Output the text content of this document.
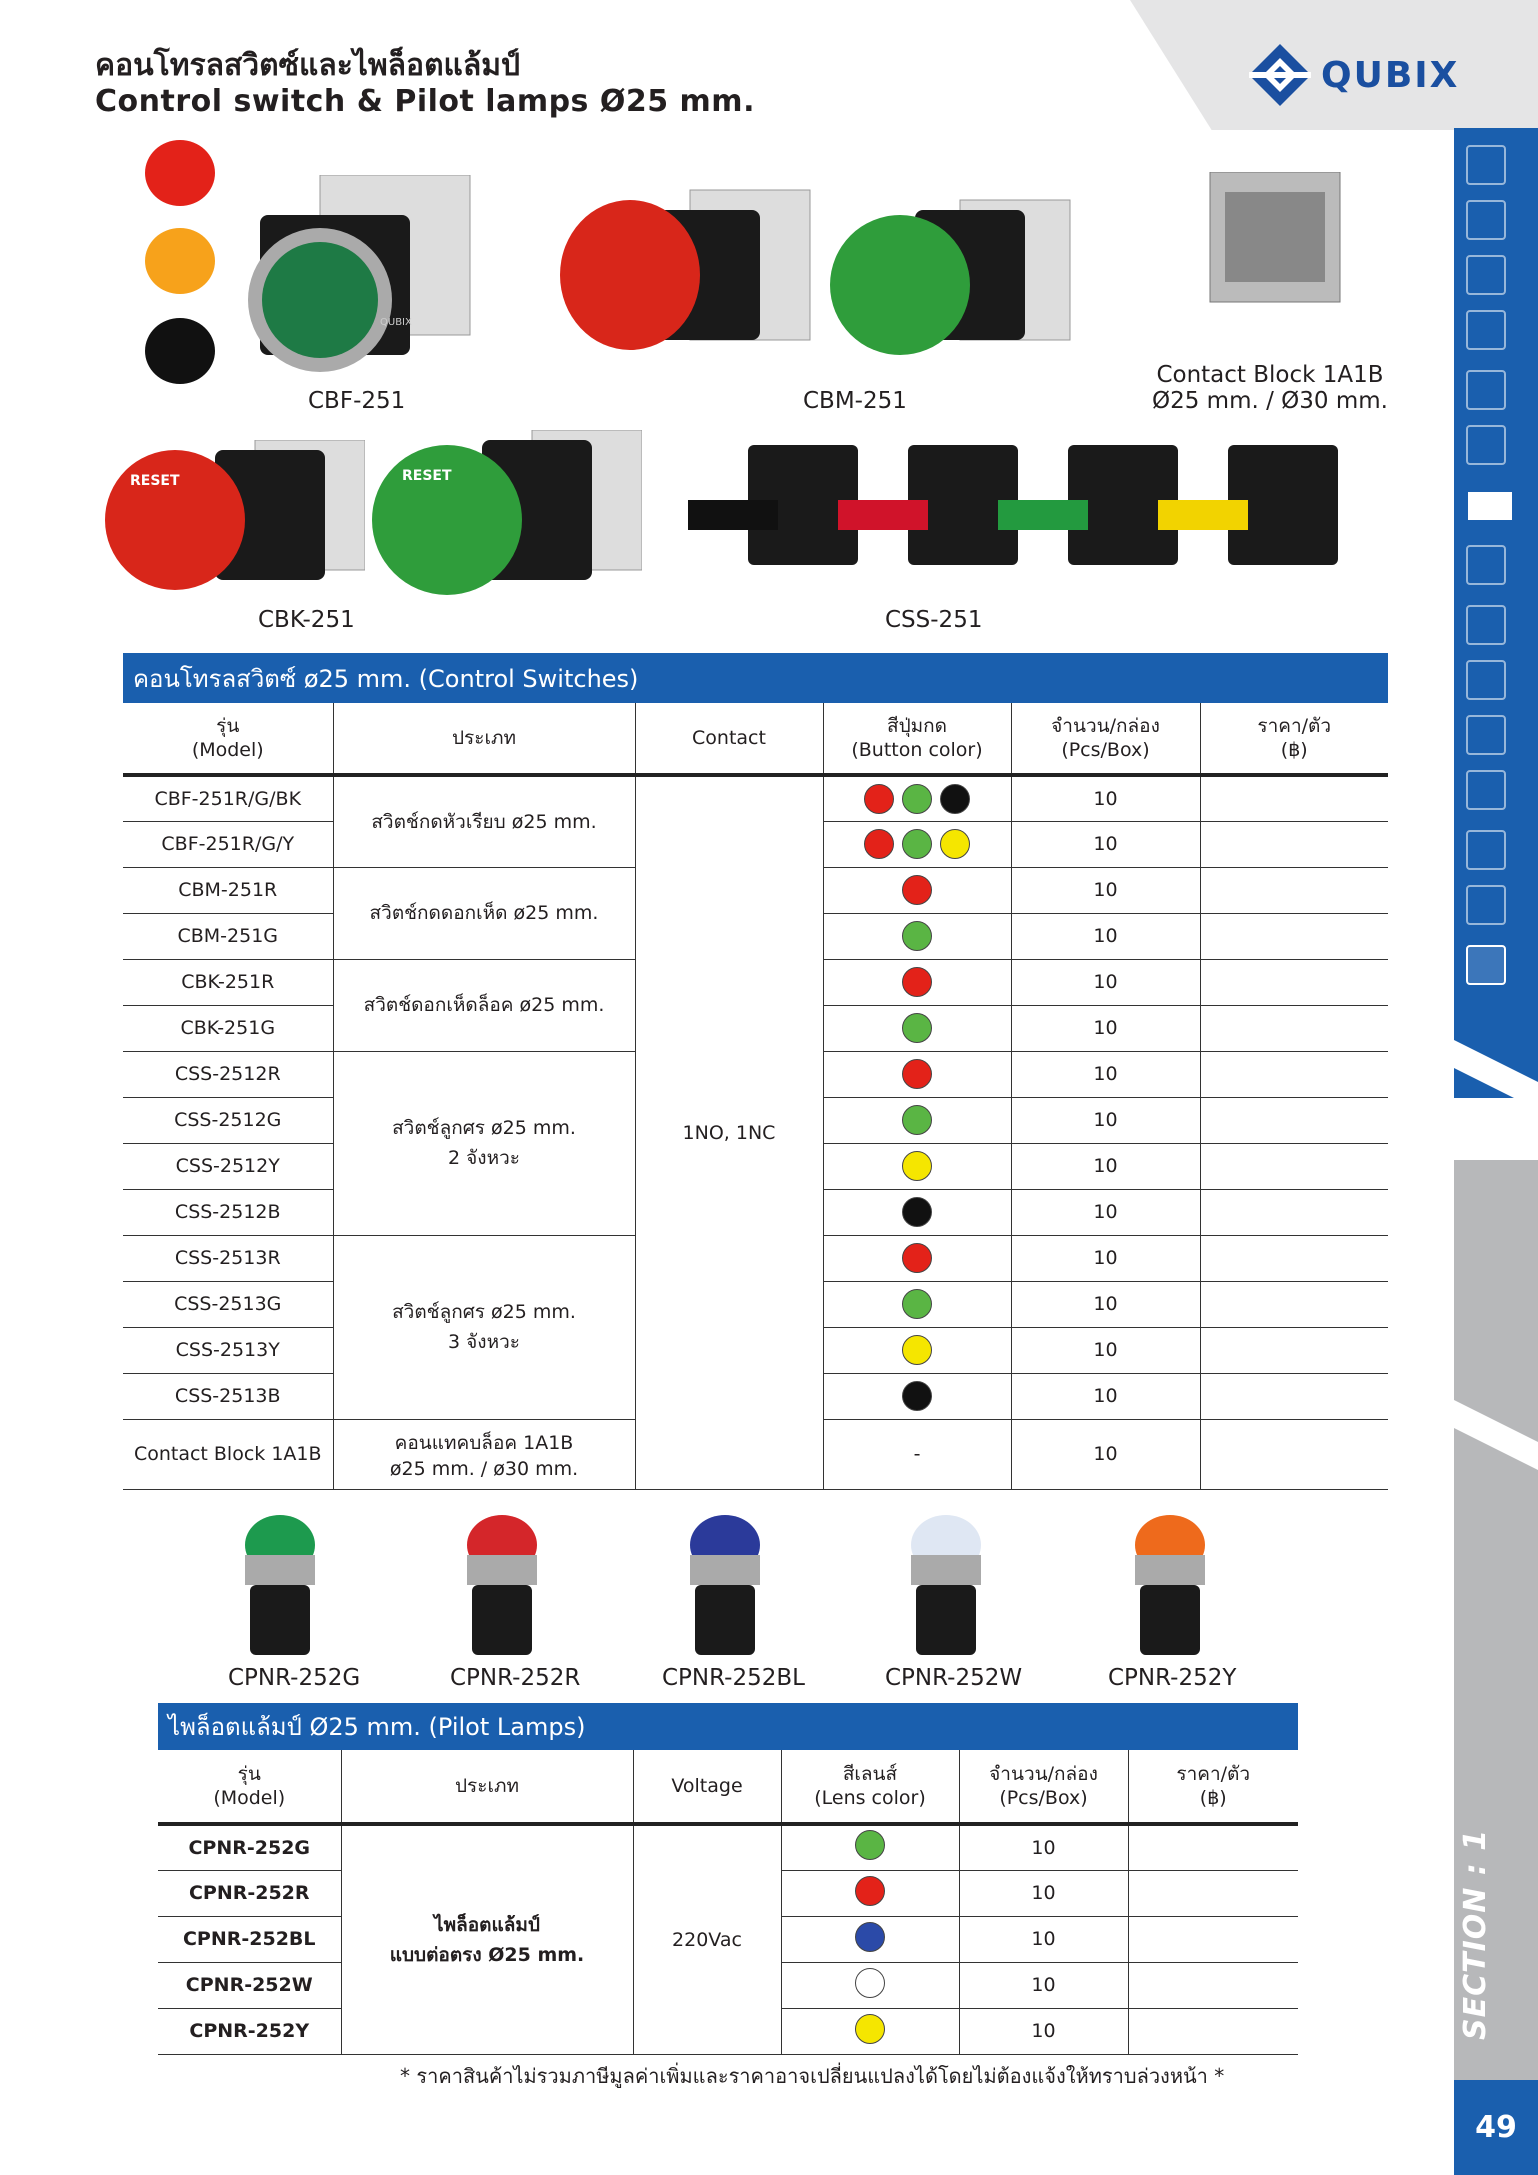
QUBIX
คอนโทรลสวิตซ์และไพล็อตแล้มป์
Control switch & Pilot lamps Ø25 mm.
SECTION : 1
49
QUBIX
CBF-251	CBM-251
Contact Block 1A1B
Ø25 mm. / Ø30 mm.
RESET	RESET
CBK-251	CSS-251
คอนโทรลสวิตซ์ ø25 mm. (Control Switches)
รุ่น
(Model)	ประเภท	Contact	สีปุ่มกด
(Button color)	จำนวน/กล่อง
(Pcs/Box)	ราคา/ตัว
(฿)
CBF-251R/G/BK	สวิตช์กดหัวเรียบ ø25 mm.	1NO, 1NC		10	
CBF-251R/G/Y				10	
CBM-251R	สวิตช์กดดอกเห็ด ø25 mm.			10	
CBM-251G				10	
CBK-251R	สวิตช์ดอกเห็ดล็อค ø25 mm.			10	
CBK-251G				10	
CSS-2512R	สวิตช์ลูกศร ø25 mm.
2 จังหวะ			10	
CSS-2512G				10	
CSS-2512Y				10	
CSS-2512B				10	
CSS-2513R	สวิตช์ลูกศร ø25 mm.
3 จังหวะ			10	
CSS-2513G				10	
CSS-2513Y				10	
CSS-2513B				10	
Contact Block 1A1B	คอนแทคบล็อค 1A1B
ø25 mm. / ø30 mm.		-	10	
CPNR-252G	CPNR-252R	CPNR-252BL	CPNR-252W	CPNR-252Y
ไพล็อตแล้มป์ Ø25 mm. (Pilot Lamps)
รุ่น
(Model)	ประเภท	Voltage	สีเลนส์
(Lens color)	จำนวน/กล่อง
(Pcs/Box)	ราคา/ตัว
(฿)
CPNR-252G	ไพล็อตแล้มป์
แบบต่อตรง Ø25 mm.	220Vac		10	
CPNR-252R				10	
CPNR-252BL				10	
CPNR-252W				10	
CPNR-252Y				10	
* ราคาสินค้าไม่รวมภาษีมูลค่าเพิ่มและราคาอาจเปลี่ยนแปลงได้โดยไม่ต้องแจ้งให้ทราบล่วงหน้า *
